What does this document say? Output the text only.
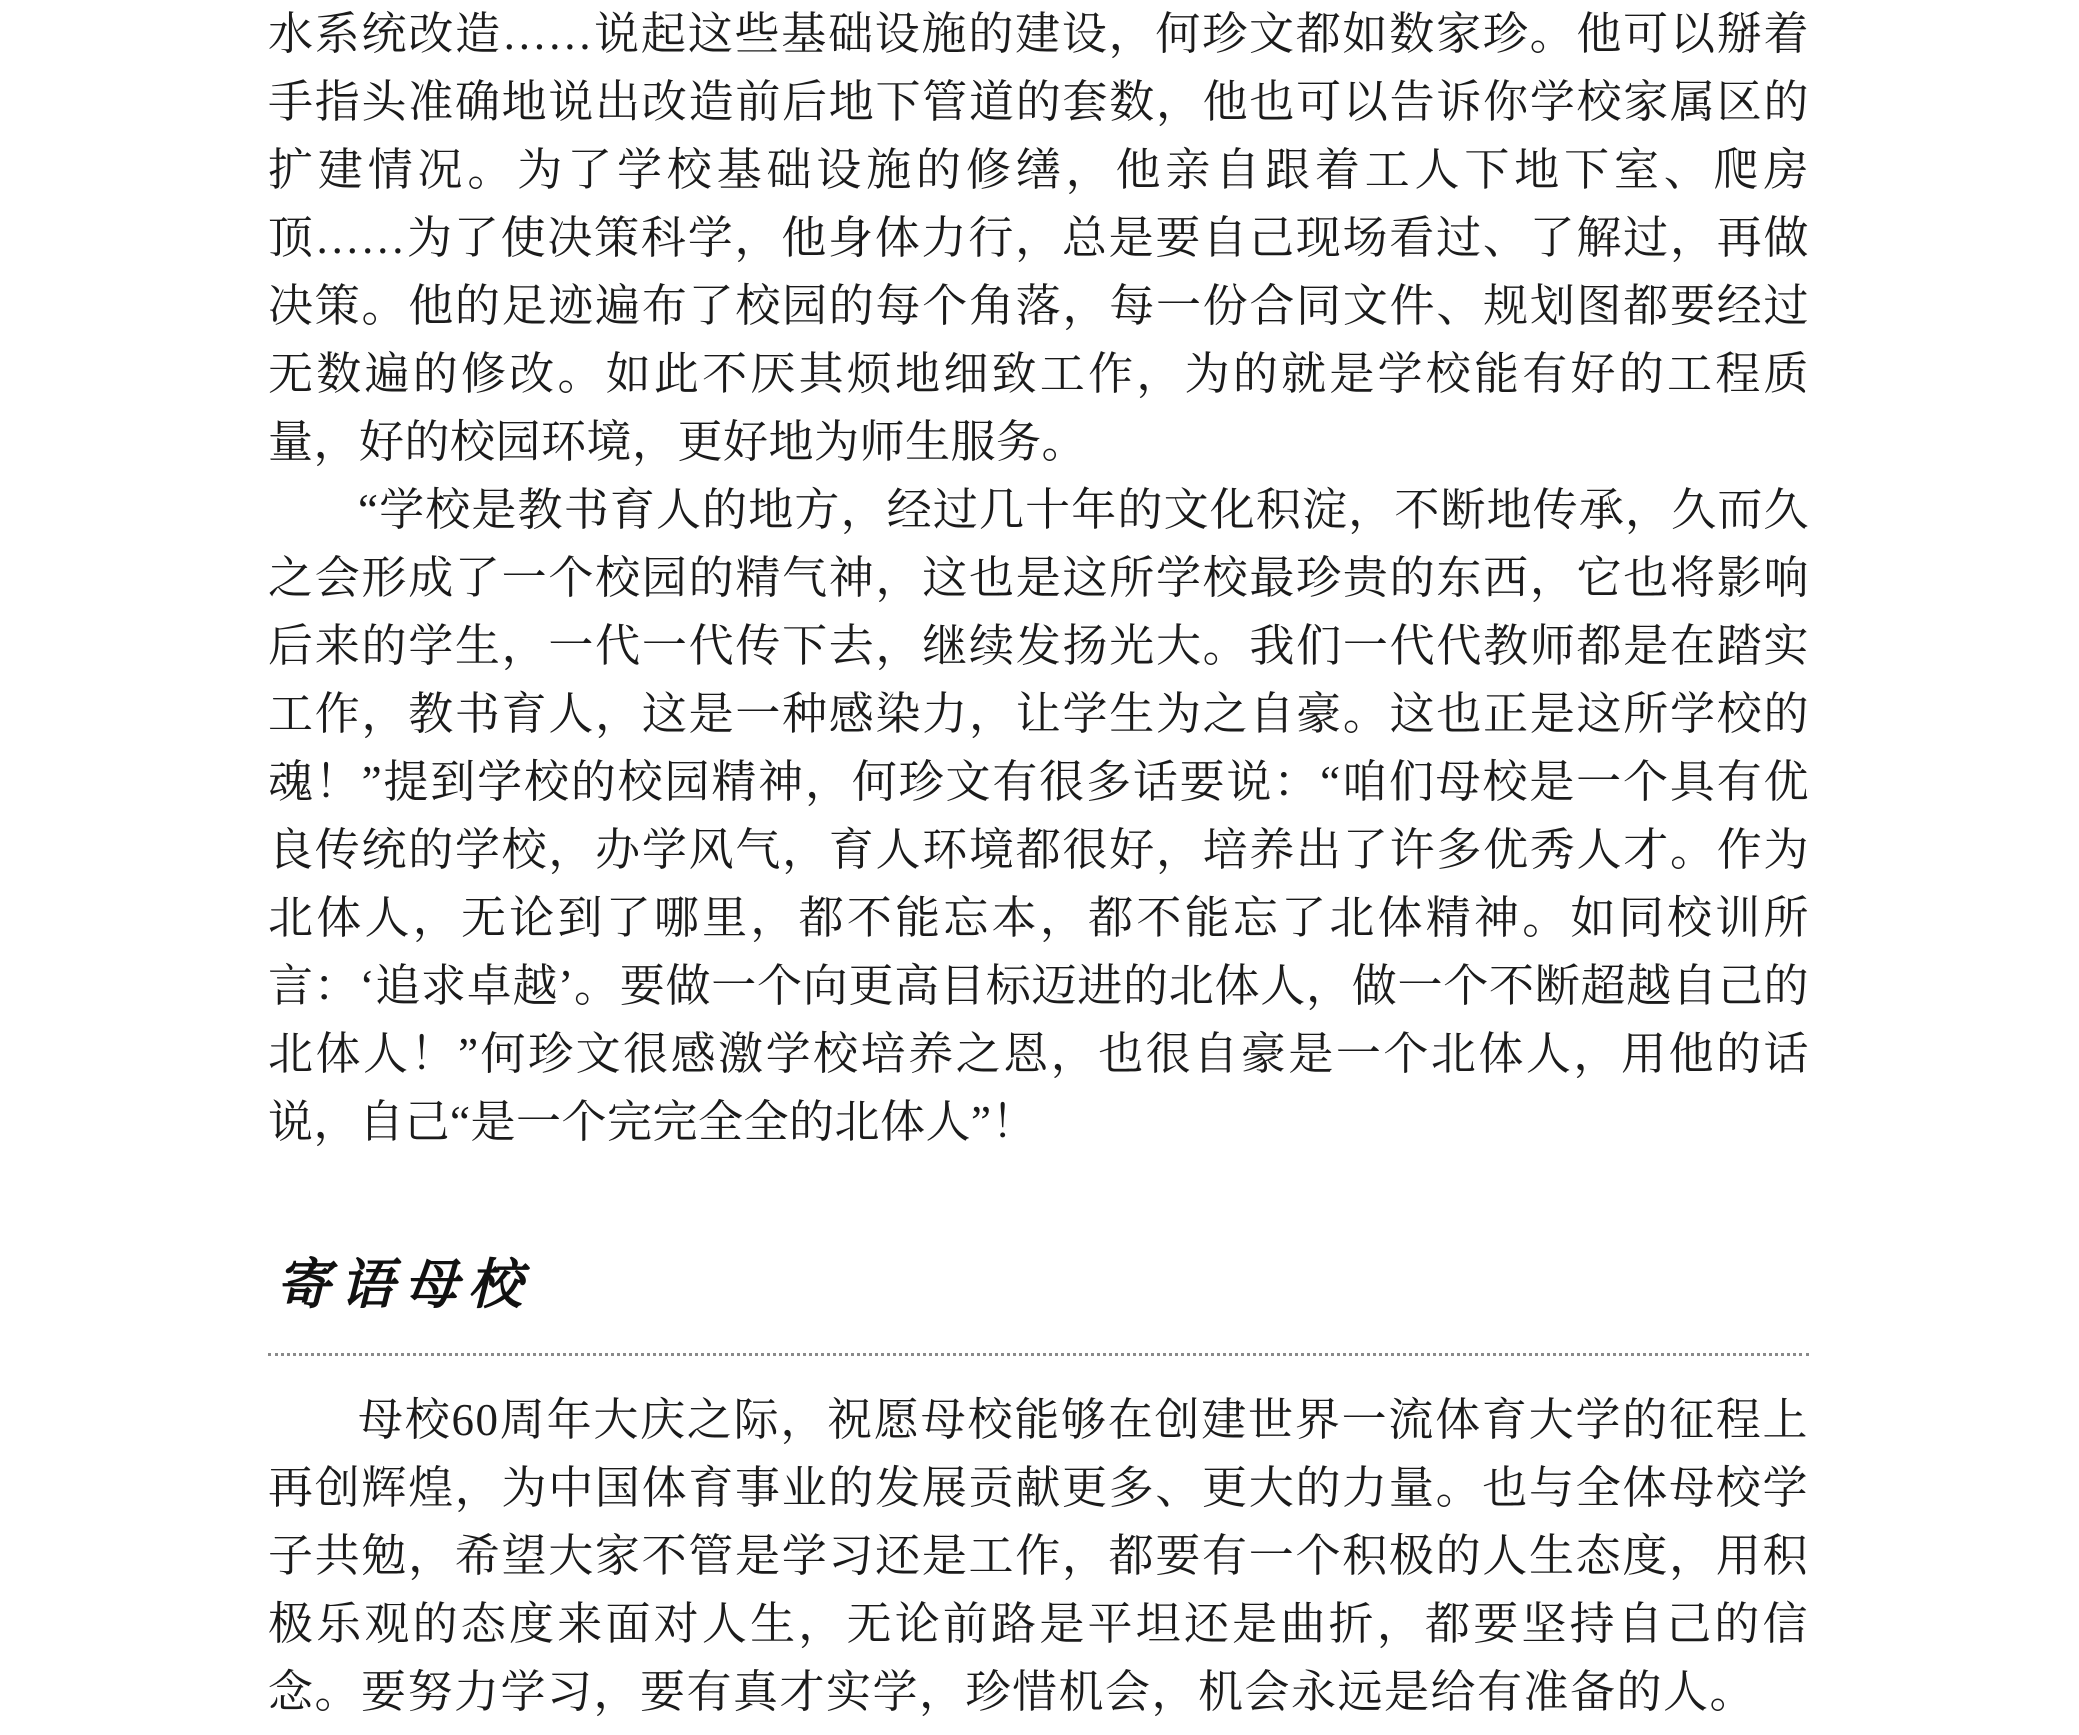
水系统改造……说起这些基础设施的建设，何珍文都如数家珍。他可以掰着手指头准确地说出改造前后地下管道的套数，他也可以告诉你学校家属区的扩建情况。为了学校基础设施的修缮，他亲自跟着工人下地下室、爬房顶……为了使决策科学，他身体力行，总是要自己现场看过、了解过，再做决策。他的足迹遍布了校园的每个角落，每一份合同文件、规划图都要经过无数遍的修改。如此不厌其烦地细致工作，为的就是学校能有好的工程质量，好的校园环境，更好地为师生服务。

“学校是教书育人的地方，经过几十年的文化积淀，不断地传承，久而久之会形成了一个校园的精气神，这也是这所学校最珍贵的东西，它也将影响后来的学生，一代一代传下去，继续发扬光大。我们一代代教师都是在踏实工作，教书育人，这是一种感染力，让学生为之自豪。这也正是这所学校的魂！”提到学校的校园精神，何珍文有很多话要说：“咱们母校是一个具有优良传统的学校，办学风气，育人环境都很好，培养出了许多优秀人才。作为北体人，无论到了哪里，都不能忘本，都不能忘了北体精神。如同校训所言：‘追求卓越’。要做一个向更高目标迈进的北体人，做一个不断超越自己的北体人！”何珍文很感激学校培养之恩，也很自豪是一个北体人，用他的话说，自己“是一个完完全全的北体人”！

寄语母校

母校60周年大庆之际，祝愿母校能够在创建世界一流体育大学的征程上再创辉煌，为中国体育事业的发展贡献更多、更大的力量。也与全体母校学子共勉，希望大家不管是学习还是工作，都要有一个积极的人生态度，用积极乐观的态度来面对人生，无论前路是平坦还是曲折，都要坚持自己的信念。要努力学习，要有真才实学，珍惜机会，机会永远是给有准备的人。
